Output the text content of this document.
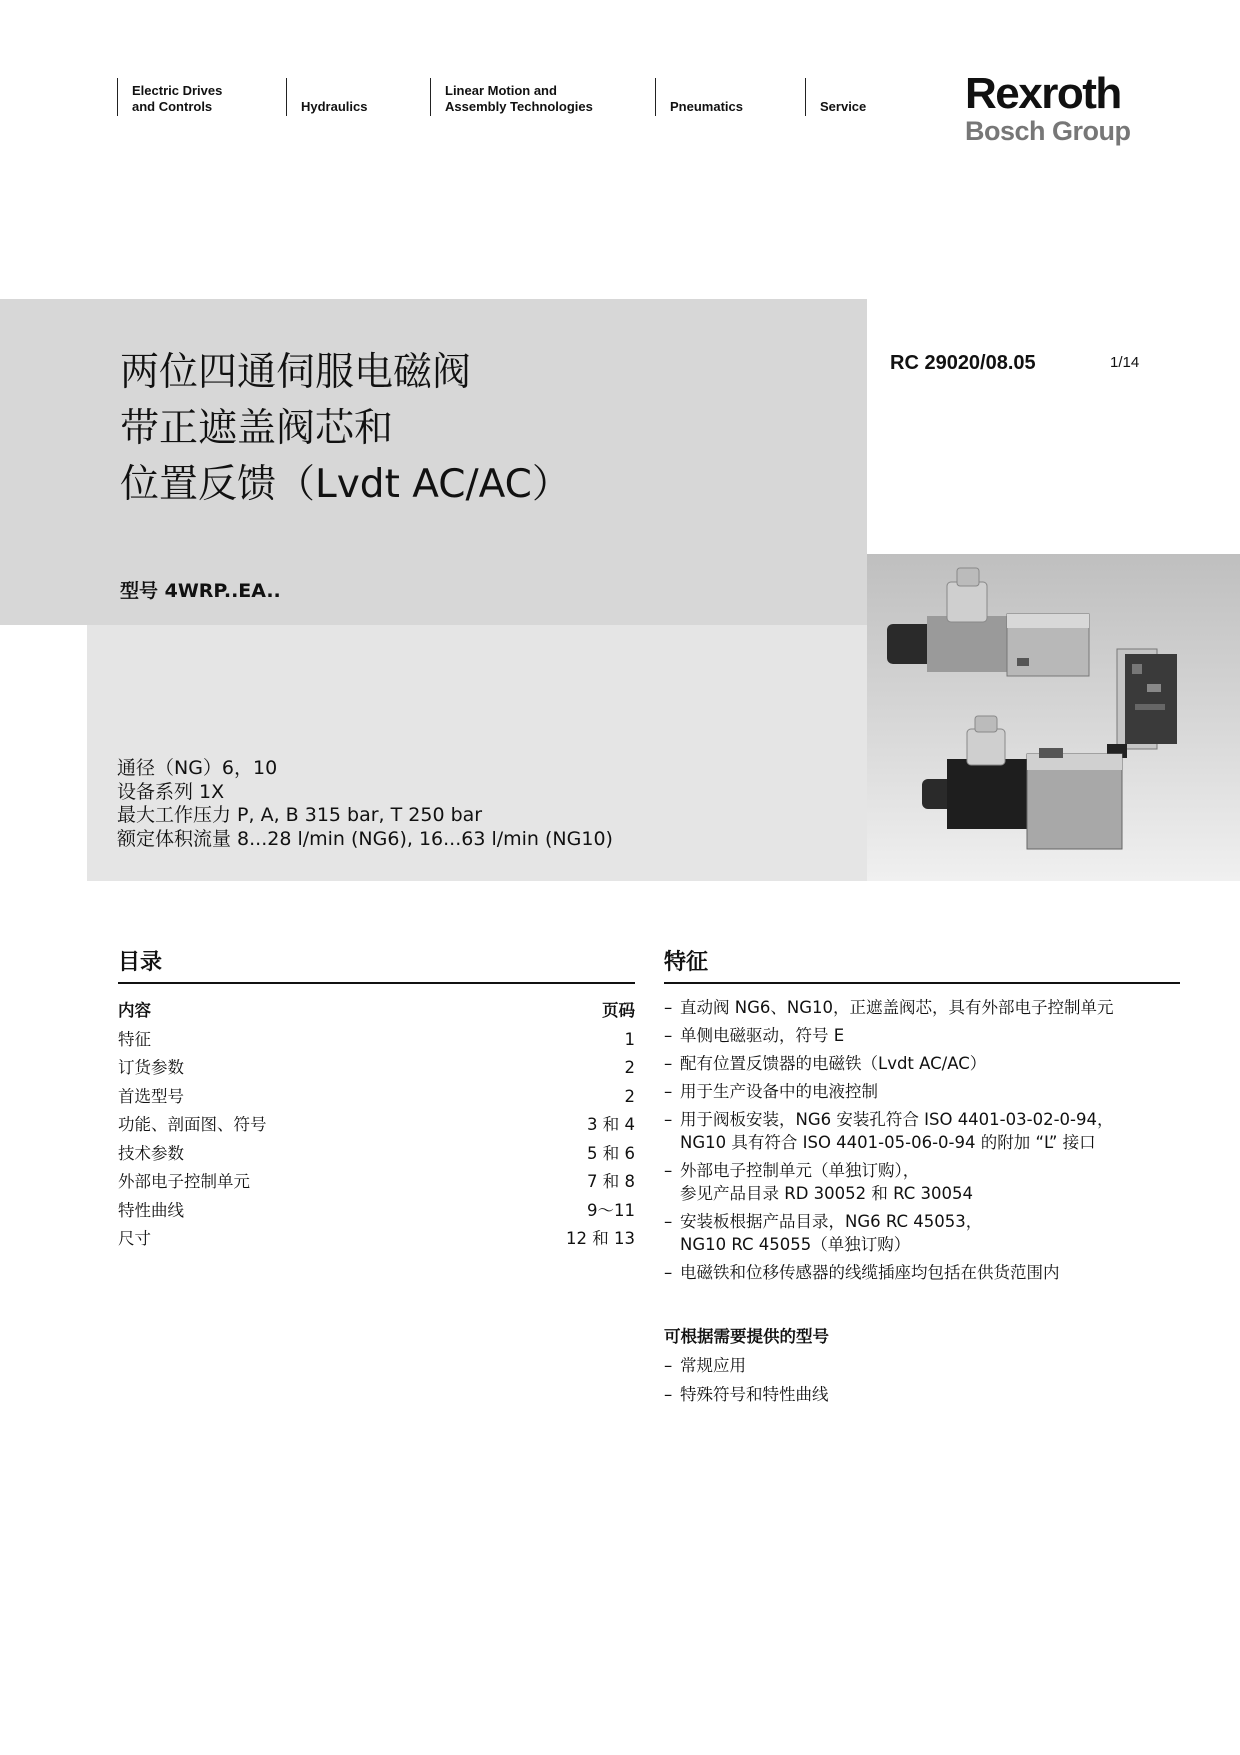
Electric Drives
and Controls	Hydraulics
Linear Motion and
Assembly Technologies	Pneumatics	Service Rexroth
Bosch Group
两位四通伺服电磁阀
带正遮盖阀芯和
位置反馈（Lvdt AC/AC）
型号 4WRP..EA..
通径（NG）6，10
设备系列 1X
最大工作压力 P, A, B 315 bar, T 250 bar
额定体积流量 8...28 l/min (NG6), 16...63 l/min (NG10)
RC 29020/08.05	1/14
目录
内容	页码
特征	1
订货参数	2
首选型号	2
功能、剖面图、符号	3 和 4
技术参数	5 和 6
外部电子控制单元	7 和 8
特性曲线	9～11
尺寸	12 和 13
特征
– 直动阀 NG6、NG10，正遮盖阀芯，具有外部电子控制单元
– 单侧电磁驱动，符号 E
– 配有位置反馈器的电磁铁（Lvdt AC/AC）
– 用于生产设备中的电液控制
– 用于阀板安装，NG6 安装孔符合 ISO 4401-03-02-0-94，
NG10 具有符合 ISO 4401-05-06-0-94 的附加 “L” 接口
– 外部电子控制单元（单独订购），
参见产品目录 RD 30052 和 RC 30054
– 安装板根据产品目录，NG6 RC 45053，
NG10 RC 45055（单独订购）
– 电磁铁和位移传感器的线缆插座均包括在供货范围内
可根据需要提供的型号
– 常规应用
– 特殊符号和特性曲线
